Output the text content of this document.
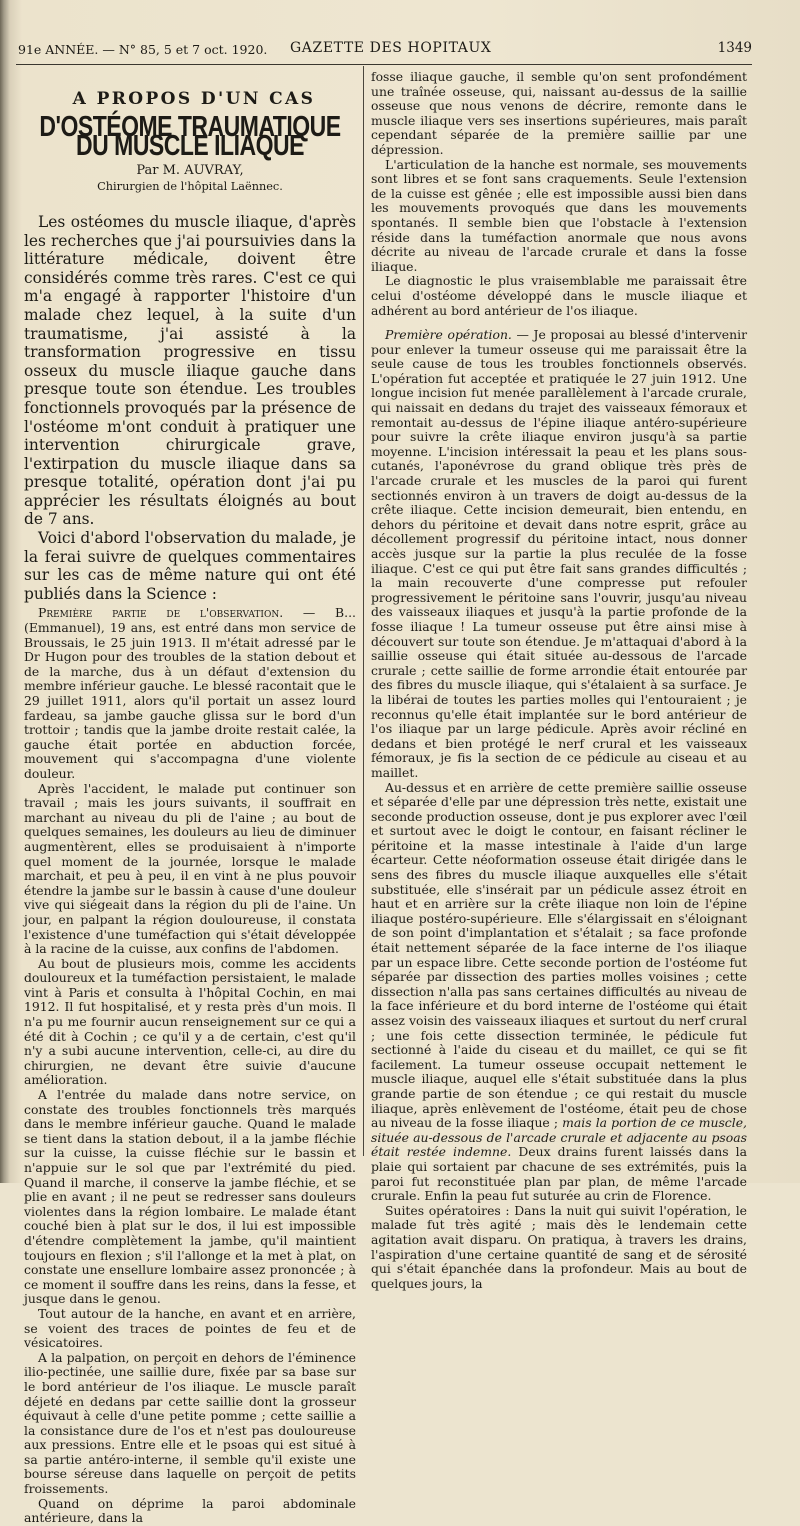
91e ANNÉE. — N° 85, 5 et 7 oct. 1920. GAZETTE DES HOPITAUX	1349
A PROPOS D'UN CAS
D'OSTÉOME TRAUMATIQUE DU MUSCLE ILIAQUE
Par M. AUVRAY,
Chirurgien de l'hôpital Laënnec.

Les ostéomes du muscle iliaque, d'après les recherches que j'ai poursuivies dans la littérature médicale, doivent être considérés comme très rares. C'est ce qui m'a engagé à rapporter l'histoire d'un malade chez lequel, à la suite d'un traumatisme, j'ai assisté à la transformation progressive en tissu osseux du muscle iliaque gauche dans presque toute son étendue. Les troubles fonctionnels provoqués par la présence de l'ostéome m'ont conduit à pratiquer une intervention chirurgicale grave, l'extirpation du muscle iliaque dans sa presque totalité, opération dont j'ai pu apprécier les résultats éloignés au bout de 7 ans.

Voici d'abord l'observation du malade, je la ferai suivre de quelques commentaires sur les cas de même nature qui ont été publiés dans la Science :

Première partie de l'observation. — B... (Emmanuel), 19 ans, est entré dans mon service de Broussais, le 25 juin 1913. Il m'était adressé par le Dr Hugon pour des troubles de la station debout et de la marche, dus à un défaut d'extension du membre inférieur gauche. Le blessé racontait que le 29 juillet 1911, alors qu'il portait un assez lourd fardeau, sa jambe gauche glissa sur le bord d'un trottoir ; tandis que la jambe droite restait calée, la gauche était portée en abduction forcée, mouvement qui s'accompagna d'une violente douleur.

Après l'accident, le malade put continuer son travail ; mais les jours suivants, il souffrait en marchant au niveau du pli de l'aine ; au bout de quelques semaines, les douleurs au lieu de diminuer augmentèrent, elles se produisaient à n'importe quel moment de la journée, lorsque le malade marchait, et peu à peu, il en vint à ne plus pouvoir étendre la jambe sur le bassin à cause d'une douleur vive qui siégeait dans la région du pli de l'aine. Un jour, en palpant la région douloureuse, il constata l'existence d'une tuméfaction qui s'était développée à la racine de la cuisse, aux confins de l'abdomen.

Au bout de plusieurs mois, comme les accidents douloureux et la tuméfaction persistaient, le malade vint à Paris et consulta à l'hôpital Cochin, en mai 1912. Il fut hospitalisé, et y resta près d'un mois. Il n'a pu me fournir aucun renseignement sur ce qui a été dit à Cochin ; ce qu'il y a de certain, c'est qu'il n'y a subi aucune intervention, celle-ci, au dire du chirurgien, ne devant être suivie d'aucune amélioration.

A l'entrée du malade dans notre service, on constate des troubles fonctionnels très marqués dans le membre inférieur gauche. Quand le malade se tient dans la station debout, il a la jambe fléchie sur la cuisse, la cuisse fléchie sur le bassin et n'appuie sur le sol que par l'extrémité du pied. Quand il marche, il conserve la jambe fléchie, et se plie en avant ; il ne peut se redresser sans douleurs violentes dans la région lombaire. Le malade étant couché bien à plat sur le dos, il lui est impossible d'étendre complètement la jambe, qu'il maintient toujours en flexion ; s'il l'allonge et la met à plat, on constate une ensellure lombaire assez prononcée ; à ce moment il souffre dans les reins, dans la fesse, et jusque dans le genou.

Tout autour de la hanche, en avant et en arrière, se voient des traces de pointes de feu et de vésicatoires.

A la palpation, on perçoit en dehors de l'éminence ilio-pectinée, une saillie dure, fixée par sa base sur le bord antérieur de l'os iliaque. Le muscle paraît déjeté en dedans par cette saillie dont la grosseur équivaut à celle d'une petite pomme ; cette saillie a la consistance dure de l'os et n'est pas douloureuse aux pressions. Entre elle et le psoas qui est situé à sa partie antéro-interne, il semble qu'il existe une bourse séreuse dans laquelle on perçoit de petits froissements.

Quand on déprime la paroi abdominale antérieure, dans la

fosse iliaque gauche, il semble qu'on sent profondément une traînée osseuse, qui, naissant au-dessus de la saillie osseuse que nous venons de décrire, remonte dans le muscle iliaque vers ses insertions supérieures, mais paraît cependant séparée de la première saillie par une dépression.

L'articulation de la hanche est normale, ses mouvements sont libres et se font sans craquements. Seule l'extension de la cuisse est gênée ; elle est impossible aussi bien dans les mouvements provoqués que dans les mouvements spontanés. Il semble bien que l'obstacle à l'extension réside dans la tuméfaction anormale que nous avons décrite au niveau de l'arcade crurale et dans la fosse iliaque.

Le diagnostic le plus vraisemblable me paraissait être celui d'ostéome développé dans le muscle iliaque et adhérent au bord antérieur de l'os iliaque.

Première opération. — Je proposai au blessé d'intervenir pour enlever la tumeur osseuse qui me paraissait être la seule cause de tous les troubles fonctionnels observés. L'opération fut acceptée et pratiquée le 27 juin 1912. Une longue incision fut menée parallèlement à l'arcade crurale, qui naissait en dedans du trajet des vaisseaux fémoraux et remontait au-dessus de l'épine iliaque antéro-supérieure pour suivre la crête iliaque environ jusqu'à sa partie moyenne. L'incision intéressait la peau et les plans sous-cutanés, l'aponévrose du grand oblique très près de l'arcade crurale et les muscles de la paroi qui furent sectionnés environ à un travers de doigt au-dessus de la crête iliaque. Cette incision demeurait, bien entendu, en dehors du péritoine et devait dans notre esprit, grâce au décollement progressif du péritoine intact, nous donner accès jusque sur la partie la plus reculée de la fosse iliaque. C'est ce qui put être fait sans grandes difficultés ; la main recouverte d'une compresse put refouler progressivement le péritoine sans l'ouvrir, jusqu'au niveau des vaisseaux iliaques et jusqu'à la partie profonde de la fosse iliaque ! La tumeur osseuse put être ainsi mise à découvert sur toute son étendue. Je m'attaquai d'abord à la saillie osseuse qui était située au-dessous de l'arcade crurale ; cette saillie de forme arrondie était entourée par des fibres du muscle iliaque, qui s'étalaient à sa surface. Je la libérai de toutes les parties molles qui l'entouraient ; je reconnus qu'elle était implantée sur le bord antérieur de l'os iliaque par un large pédicule. Après avoir récliné en dedans et bien protégé le nerf crural et les vaisseaux fémoraux, je fis la section de ce pédicule au ciseau et au maillet.

Au-dessus et en arrière de cette première saillie osseuse et séparée d'elle par une dépression très nette, existait une seconde production osseuse, dont je pus explorer avec l'œil et surtout avec le doigt le contour, en faisant récliner le péritoine et la masse intestinale à l'aide d'un large écarteur. Cette néoformation osseuse était dirigée dans le sens des fibres du muscle iliaque auxquelles elle s'était substituée, elle s'insérait par un pédicule assez étroit en haut et en arrière sur la crête iliaque non loin de l'épine iliaque postéro-supérieure. Elle s'élargissait en s'éloignant de son point d'implantation et s'étalait ; sa face profonde était nettement séparée de la face interne de l'os iliaque par un espace libre. Cette seconde portion de l'ostéome fut séparée par dissection des parties molles voisines ; cette dissection n'alla pas sans certaines difficultés au niveau de la face inférieure et du bord interne de l'ostéome qui était assez voisin des vaisseaux iliaques et surtout du nerf crural ; une fois cette dissection terminée, le pédicule fut sectionné à l'aide du ciseau et du maillet, ce qui se fit facilement. La tumeur osseuse occupait nettement le muscle iliaque, auquel elle s'était substituée dans la plus grande partie de son étendue ; ce qui restait du muscle iliaque, après enlèvement de l'ostéome, était peu de chose au niveau de la fosse iliaque ; mais la portion de ce muscle, située au-dessous de l'arcade crurale et adjacente au psoas était restée indemne. Deux drains furent laissés dans la plaie qui sortaient par chacune de ses extrémités, puis la paroi fut reconstituée plan par plan, de même l'arcade crurale. Enfin la peau fut suturée au crin de Florence.

Suites opératoires : Dans la nuit qui suivit l'opération, le malade fut très agité ; mais dès le lendemain cette agitation avait disparu. On pratiqua, à travers les drains, l'aspiration d'une certaine quantité de sang et de sérosité qui s'était épanchée dans la profondeur. Mais au bout de quelques jours, la
